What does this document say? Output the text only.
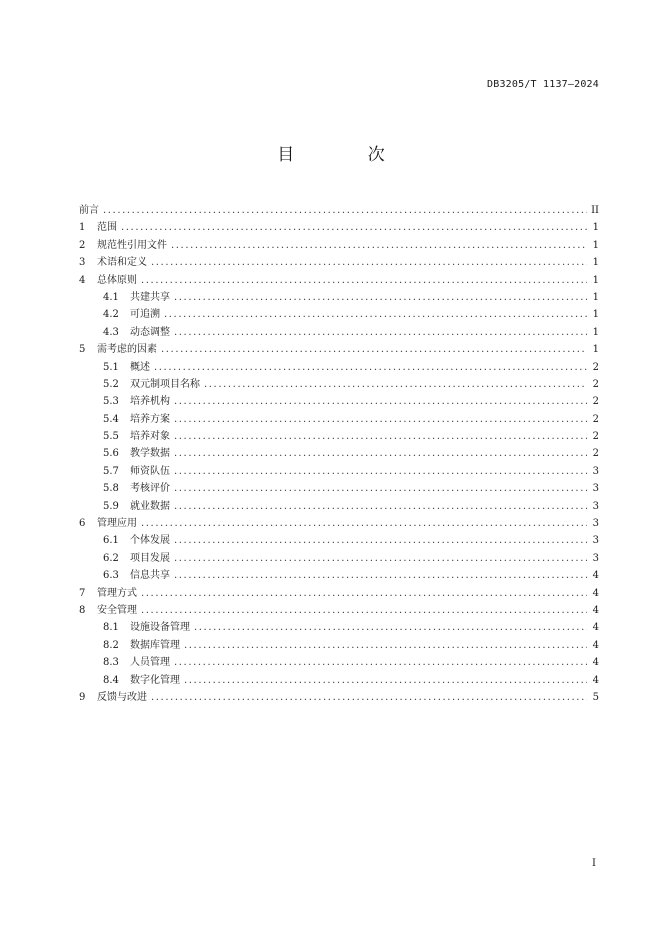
DB3205/T 1137—2024
目 次
前言 .....	II
1	范围 .....	1
2	规范性引用文件 .....	1
3	术语和定义 .....	1
4	总体原则 .....	1
4.1	共建共享 .....	1
4.2	可追溯 .....	1
4.3	动态调整 .....	1
5	需考虑的因素 .....	1
5.1	概述 .....	2
5.2	双元制项目名称 .....	2
5.3	培养机构 .....	2
5.4	培养方案 .....	2
5.5	培养对象 .....	2
5.6	教学数据 .....	2
5.7	师资队伍 .....	3
5.8	考核评价 .....	3
5.9	就业数据 .....	3
6	管理应用 .....	3
6.1	个体发展 .....	3
6.2	项目发展 .....	3
6.3	信息共享 .....	4
7	管理方式 .....	4
8	安全管理 .....	4
8.1	设施设备管理 .....	4
8.2	数据库管理 .....	4
8.3	人员管理 .....	4
8.4	数字化管理 .....	4
9	反馈与改进 .....	5
I
